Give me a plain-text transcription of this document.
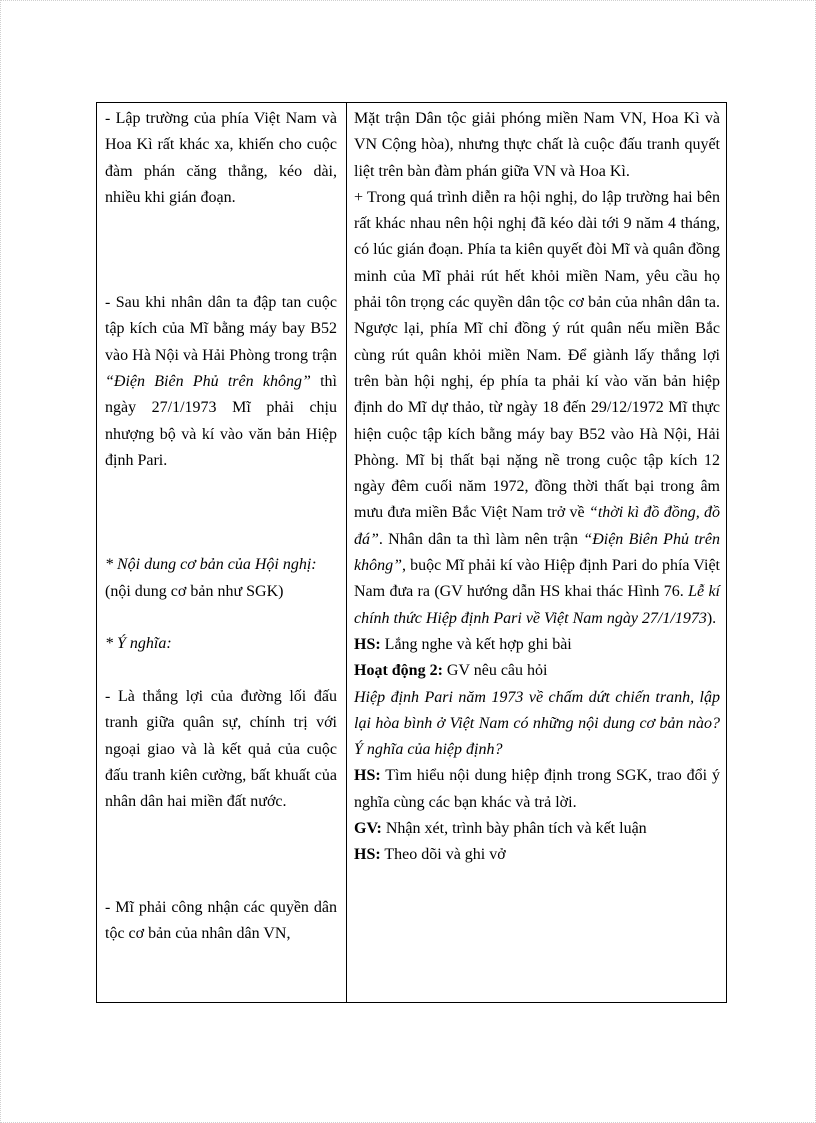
- Lập trường của phía Việt Nam và Hoa Kì rất khác xa, khiến cho cuộc đàm phán căng thẳng, kéo dài, nhiều khi gián đoạn.

- Sau khi nhân dân ta đập tan cuộc tập kích của Mĩ bằng máy bay B52 vào Hà Nội và Hải Phòng trong trận “Điện Biên Phủ trên không” thì ngày 27/1/1973 Mĩ phải chịu nhượng bộ và kí vào văn bản Hiệp định Pari.

* Nội dung cơ bản của Hội nghị:

(nội dung cơ bản như SGK)

* Ý nghĩa:

- Là thắng lợi của đường lối đấu tranh giữa quân sự, chính trị với ngoại giao và là kết quả của cuộc đấu tranh kiên cường, bất khuất của nhân dân hai miền đất nước.

- Mĩ phải công nhận các quyền dân tộc cơ bản của nhân dân VN,

Mặt trận Dân tộc giải phóng miền Nam VN, Hoa Kì và VN Cộng hòa), nhưng thực chất là cuộc đấu tranh quyết liệt trên bàn đàm phán giữa VN và Hoa Kì.

+ Trong quá trình diễn ra hội nghị, do lập trường hai bên rất khác nhau nên hội nghị đã kéo dài tới 9 năm 4 tháng, có lúc gián đoạn. Phía ta kiên quyết đòi Mĩ và quân đồng minh của Mĩ phải rút hết khỏi miền Nam, yêu cầu họ phải tôn trọng các quyền dân tộc cơ bản của nhân dân ta. Ngược lại, phía Mĩ chỉ đồng ý rút quân nếu miền Bắc cùng rút quân khỏi miền Nam. Để giành lấy thắng lợi trên bàn hội nghị, ép phía ta phải kí vào văn bản hiệp định do Mĩ dự thảo, từ ngày 18 đến 29/12/1972 Mĩ thực hiện cuộc tập kích bằng máy bay B52 vào Hà Nội, Hải Phòng. Mĩ bị thất bại nặng nề trong cuộc tập kích 12 ngày đêm cuối năm 1972, đồng thời thất bại trong âm mưu đưa miền Bắc Việt Nam trở về “thời kì đồ đồng, đồ đá”. Nhân dân ta thì làm nên trận “Điện Biên Phủ trên không”, buộc Mĩ phải kí vào Hiệp định Pari do phía Việt Nam đưa ra (GV hướng dẫn HS khai thác Hình 76. Lễ kí chính thức Hiệp định Pari về Việt Nam ngày 27/1/1973).

HS: Lắng nghe và kết hợp ghi bài

Hoạt động 2: GV nêu câu hỏi

Hiệp định Pari năm 1973 về chấm dứt chiến tranh, lập lại hòa bình ở Việt Nam có những nội dung cơ bản nào? Ý nghĩa của hiệp định?

HS: Tìm hiểu nội dung hiệp định trong SGK, trao đổi ý nghĩa cùng các bạn khác và trả lời.

GV: Nhận xét, trình bày phân tích và kết luận

HS: Theo dõi và ghi vở
